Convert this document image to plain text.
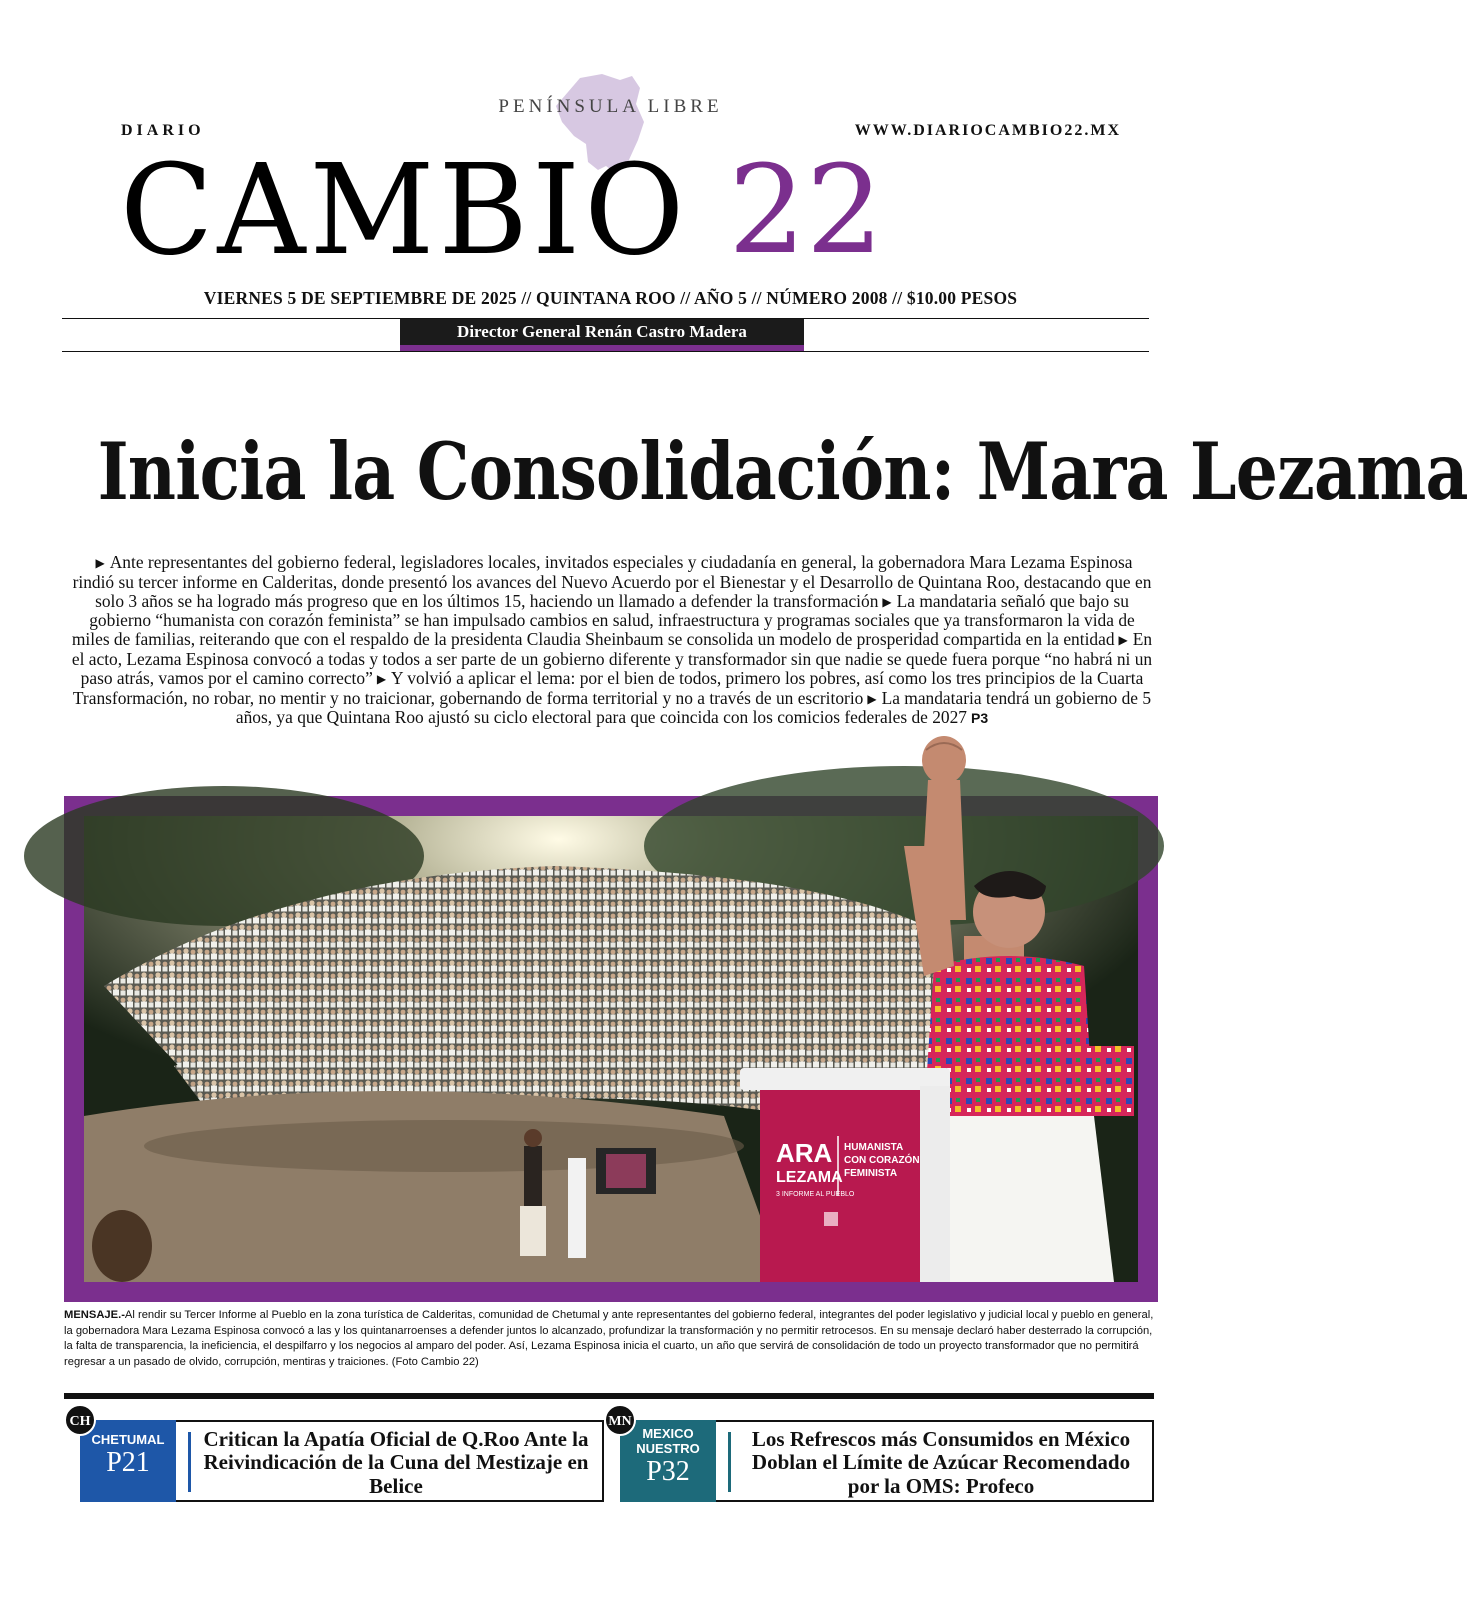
PENÍNSULA LIBRE
DIARIO	WWW.DIARIOCAMBIO22.MX
CAMBIO 22
VIERNES 5 DE SEPTIEMBRE DE 2025 // QUINTANA ROO // AÑO 5 // NÚMERO 2008 // $10.00 PESOS
Director General Renán Castro Madera
Inicia la Consolidación: Mara Lezama
▶ Ante representantes del gobierno federal, legisladores locales, invitados especiales y ciudadanía en general, la gobernadora Mara Lezama Espinosa rindió su tercer informe en Calderitas, donde presentó los avances del Nuevo Acuerdo por el Bienestar y el Desarrollo de Quintana Roo, destacando que en solo 3 años se ha logrado más progreso que en los últimos 15, haciendo un llamado a defender la transformación ▶ La mandataria señaló que bajo su gobierno “humanista con corazón feminista” se han impulsado cambios en salud, infraestructura y programas sociales que ya transformaron la vida de miles de familias, reiterando que con el respaldo de la presidenta Claudia Sheinbaum se consolida un modelo de prosperidad compartida en la entidad ▶ En el acto, Lezama Espinosa convocó a todas y todos a ser parte de un gobierno diferente y transformador sin que nadie se quede fuera porque “no habrá ni un paso atrás, vamos por el camino correcto” ▶ Y volvió a aplicar el lema: por el bien de todos, primero los pobres, así como los tres principios de la Cuarta Transformación, no robar, no mentir y no traicionar, gobernando de forma territorial y no a través de un escritorio ▶ La mandataria tendrá un gobierno de 5 años, ya que Quintana Roo ajustó su ciclo electoral para que coincida con los comicios federales de 2027 P3
ARA
LEZAMA
3 INFORME AL PUEBLO
HUMANISTA
CON CORAZÓN
FEMINISTA

MENSAJE.-Al rendir su Tercer Informe al Pueblo en la zona turística de Calderitas, comunidad de Chetumal y ante representantes del gobierno federal, integrantes del poder legislativo y judicial local y pueblo en general, la gobernadora Mara Lezama Espinosa convocó a las y los quintanarroenses a defender juntos lo alcanzado, profundizar la transformación y no permitir retrocesos. En su mensaje declaró haber desterrado la corrupción, la falta de transparencia, la ineficiencia, el despilfarro y los negocios al amparo del poder. Así, Lezama Espinosa inicia el cuarto, un año que servirá de consolidación de todo un proyecto transformador que no permitirá regresar a un pasado de olvido, corrupción, mentiras y traiciones. (Foto Cambio 22)

CHETUMAL
P21
CH
Critican la Apatía Oficial de Q.Roo Ante la Reivindicación de la Cuna del Mestizaje en Belice
MEXICO
NUESTRO
P32
MN
Los Refrescos más Consumidos en México Doblan el Límite de Azúcar Recomendado por la OMS: Profeco
